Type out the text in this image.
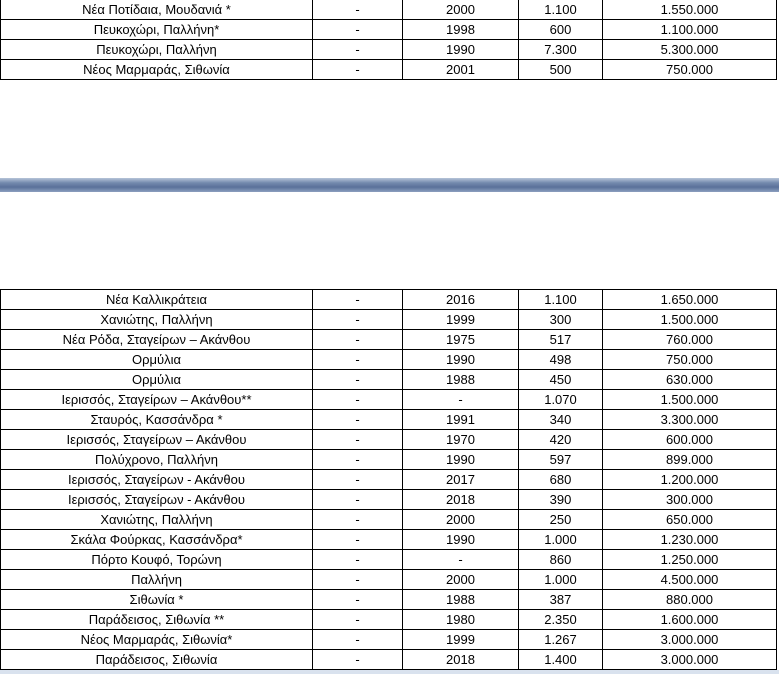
Νέα Ποτίδαια, Μουδανιά *	-	2000	1.100	1.550.000
Πευκοχώρι, Παλλήνη*	-	1998	600	1.100.000
Πευκοχώρι, Παλλήνη	-	1990	7.300	5.300.000
Νέος Μαρμαράς, Σιθωνία	-	2001	500	750.000
Νέα Καλλικράτεια	-	2016	1.100	1.650.000
Χανιώτης, Παλλήνη	-	1999	300	1.500.000
Νέα Ρόδα, Σταγείρων – Ακάνθου	-	1975	517	760.000
Ορμύλια	-	1990	498	750.000
Ορμύλια	-	1988	450	630.000
Ιερισσός, Σταγείρων – Ακάνθου**	-	-	1.070	1.500.000
Σταυρός, Κασσάνδρα *	-	1991	340	3.300.000
Ιερισσός, Σταγείρων – Ακάνθου	-	1970	420	600.000
Πολύχρονο, Παλλήνη	-	1990	597	899.000
Ιερισσός, Σταγείρων - Ακάνθου	-	2017	680	1.200.000
Ιερισσός, Σταγείρων - Ακάνθου	-	2018	390	300.000
Χανιώτης, Παλλήνη	-	2000	250	650.000
Σκάλα Φούρκας, Κασσάνδρα*	-	1990	1.000	1.230.000
Πόρτο Κουφό, Τορώνη	-	-	860	1.250.000
Παλλήνη	-	2000	1.000	4.500.000
Σιθωνία *	-	1988	387	880.000
Παράδεισος, Σιθωνία **	-	1980	2.350	1.600.000
Νέος Μαρμαράς, Σιθωνία*	-	1999	1.267	3.000.000
Παράδεισος, Σιθωνία	-	2018	1.400	3.000.000
